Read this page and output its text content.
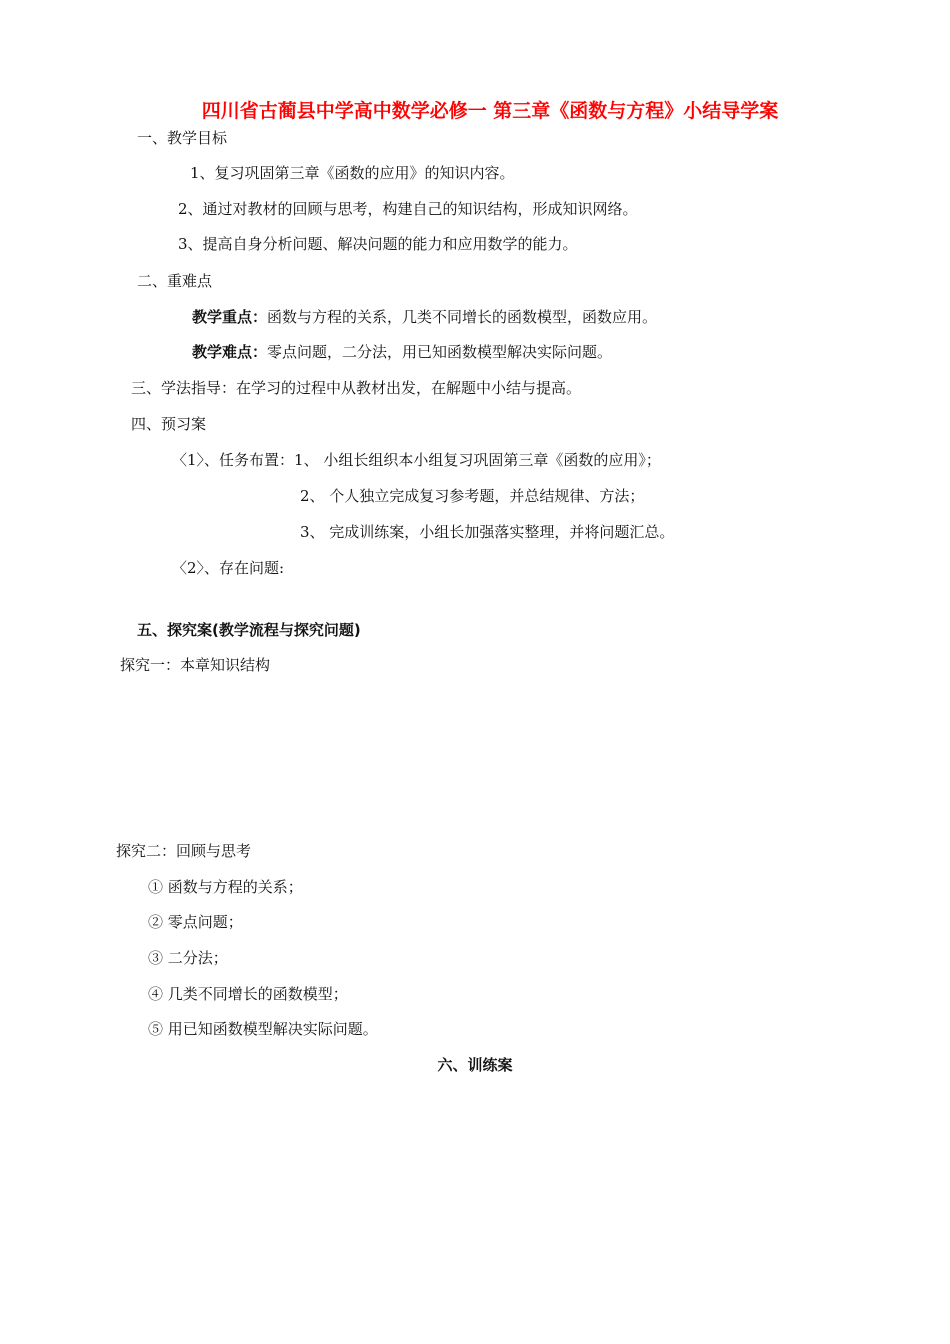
四川省古蔺县中学高中数学必修一 第三章《函数与方程》小结导学案
一、教学目标
1、复习巩固第三章《函数的应用》的知识内容。
2、通过对教材的回顾与思考，构建自己的知识结构，形成知识网络。
3、提高自身分析问题、解决问题的能力和应用数学的能力。
二、重难点
教学重点：函数与方程的关系，几类不同增长的函数模型，函数应用。
教学难点：零点问题，二分法，用已知函数模型解决实际问题。
三、学法指导：在学习的过程中从教材出发，在解题中小结与提高。
四、预习案
〈1〉、任务布置：1、 小组长组织本小组复习巩固第三章《函数的应用》；
2、 个人独立完成复习参考题，并总结规律、方法；
3、 完成训练案，小组长加强落实整理，并将问题汇总。
〈2〉、存在问题:
五、探究案(教学流程与探究问题)
探究一：本章知识结构
探究二：回顾与思考
① 函数与方程的关系；
② 零点问题；
③ 二分法；
④ 几类不同增长的函数模型；
⑤ 用已知函数模型解决实际问题。
六、训练案
